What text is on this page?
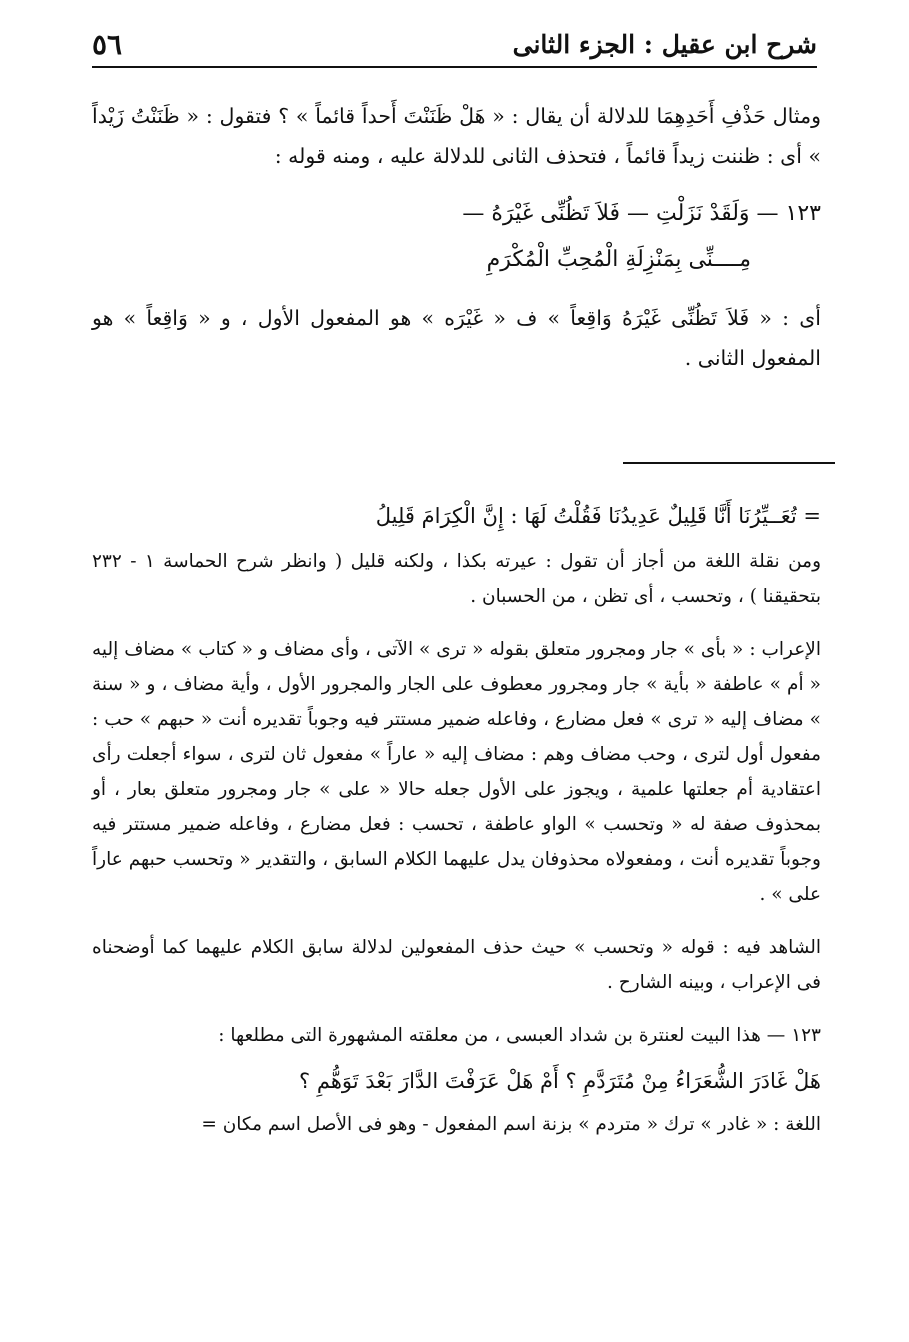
٥٦	شرح ابن عقيل : الجزء الثانى

ومثال حَذْفِ أَحَدِهِمَا للدلالة أن يقال : « هَلْ ظَنَنْتَ أَحداً قائماً » ؟ فتقول : « ظَنَنْتُ زَيْداً » أى : ظننت زيداً قائماً ، فتحذف الثانى للدلالة عليه ، ومنه قوله :

١٢٣ — وَلَقَدْ نَزَلْتِ — فَلاَ تَظُنِّى غَيْرَهُ —
مِــــنِّى بِمَنْزِلَةِ الْمُحِبِّ الْمُكْرَمِ

أى : « فَلاَ تَظُنِّى غَيْرَهُ وَاقِعاً » ف « غَيْرَه » هو المفعول الأول ، و « وَاقِعاً » هو المفعول الثانى .

= تُعَــيِّرُنَا أَنَّا قَلِيلٌ عَدِيدُنَا فَقُلْتُ لَهَا : إِنَّ الْكِرَامَ قَلِيلُ

ومن نقلة اللغة من أجاز أن تقول : عيرته بكذا ، ولكنه قليل ( وانظر شرح الحماسة ١ - ٢٣٢ بتحقيقنا ) ، وتحسب ، أى تظن ، من الحسبان .

الإعراب : « بأى » جار ومجرور متعلق بقوله « ترى » الآتى ، وأى مضاف و « كتاب » مضاف إليه « أم » عاطفة « بأية » جار ومجرور معطوف على الجار والمجرور الأول ، وأية مضاف ، و « سنة » مضاف إليه « ترى » فعل مضارع ، وفاعله ضمير مستتر فيه وجوباً تقديره أنت « حبهم » حب : مفعول أول لترى ، وحب مضاف وهم : مضاف إليه « عاراً » مفعول ثان لترى ، سواء أجعلت رأى اعتقادية أم جعلتها علمية ، ويجوز على الأول جعله حالا « على » جار ومجرور متعلق بعار ، أو بمحذوف صفة له « وتحسب » الواو عاطفة ، تحسب : فعل مضارع ، وفاعله ضمير مستتر فيه وجوباً تقديره أنت ، ومفعولاه محذوفان يدل عليهما الكلام السابق ، والتقدير « وتحسب حبهم عاراً على » .

الشاهد فيه : قوله « وتحسب » حيث حذف المفعولين لدلالة سابق الكلام عليهما كما أوضحناه فى الإعراب ، وبينه الشارح .

١٢٣ — هذا البيت لعنترة بن شداد العبسى ، من معلقته المشهورة التى مطلعها :

هَلْ غَادَرَ الشُّعَرَاءُ مِنْ مُتَرَدَّمِ ؟ أَمْ هَلْ عَرَفْتَ الدَّارَ بَعْدَ تَوَهُّمِ ؟

اللغة : « غادر » ترك « متردم » بزنة اسم المفعول - وهو فى الأصل اسم مكان =
